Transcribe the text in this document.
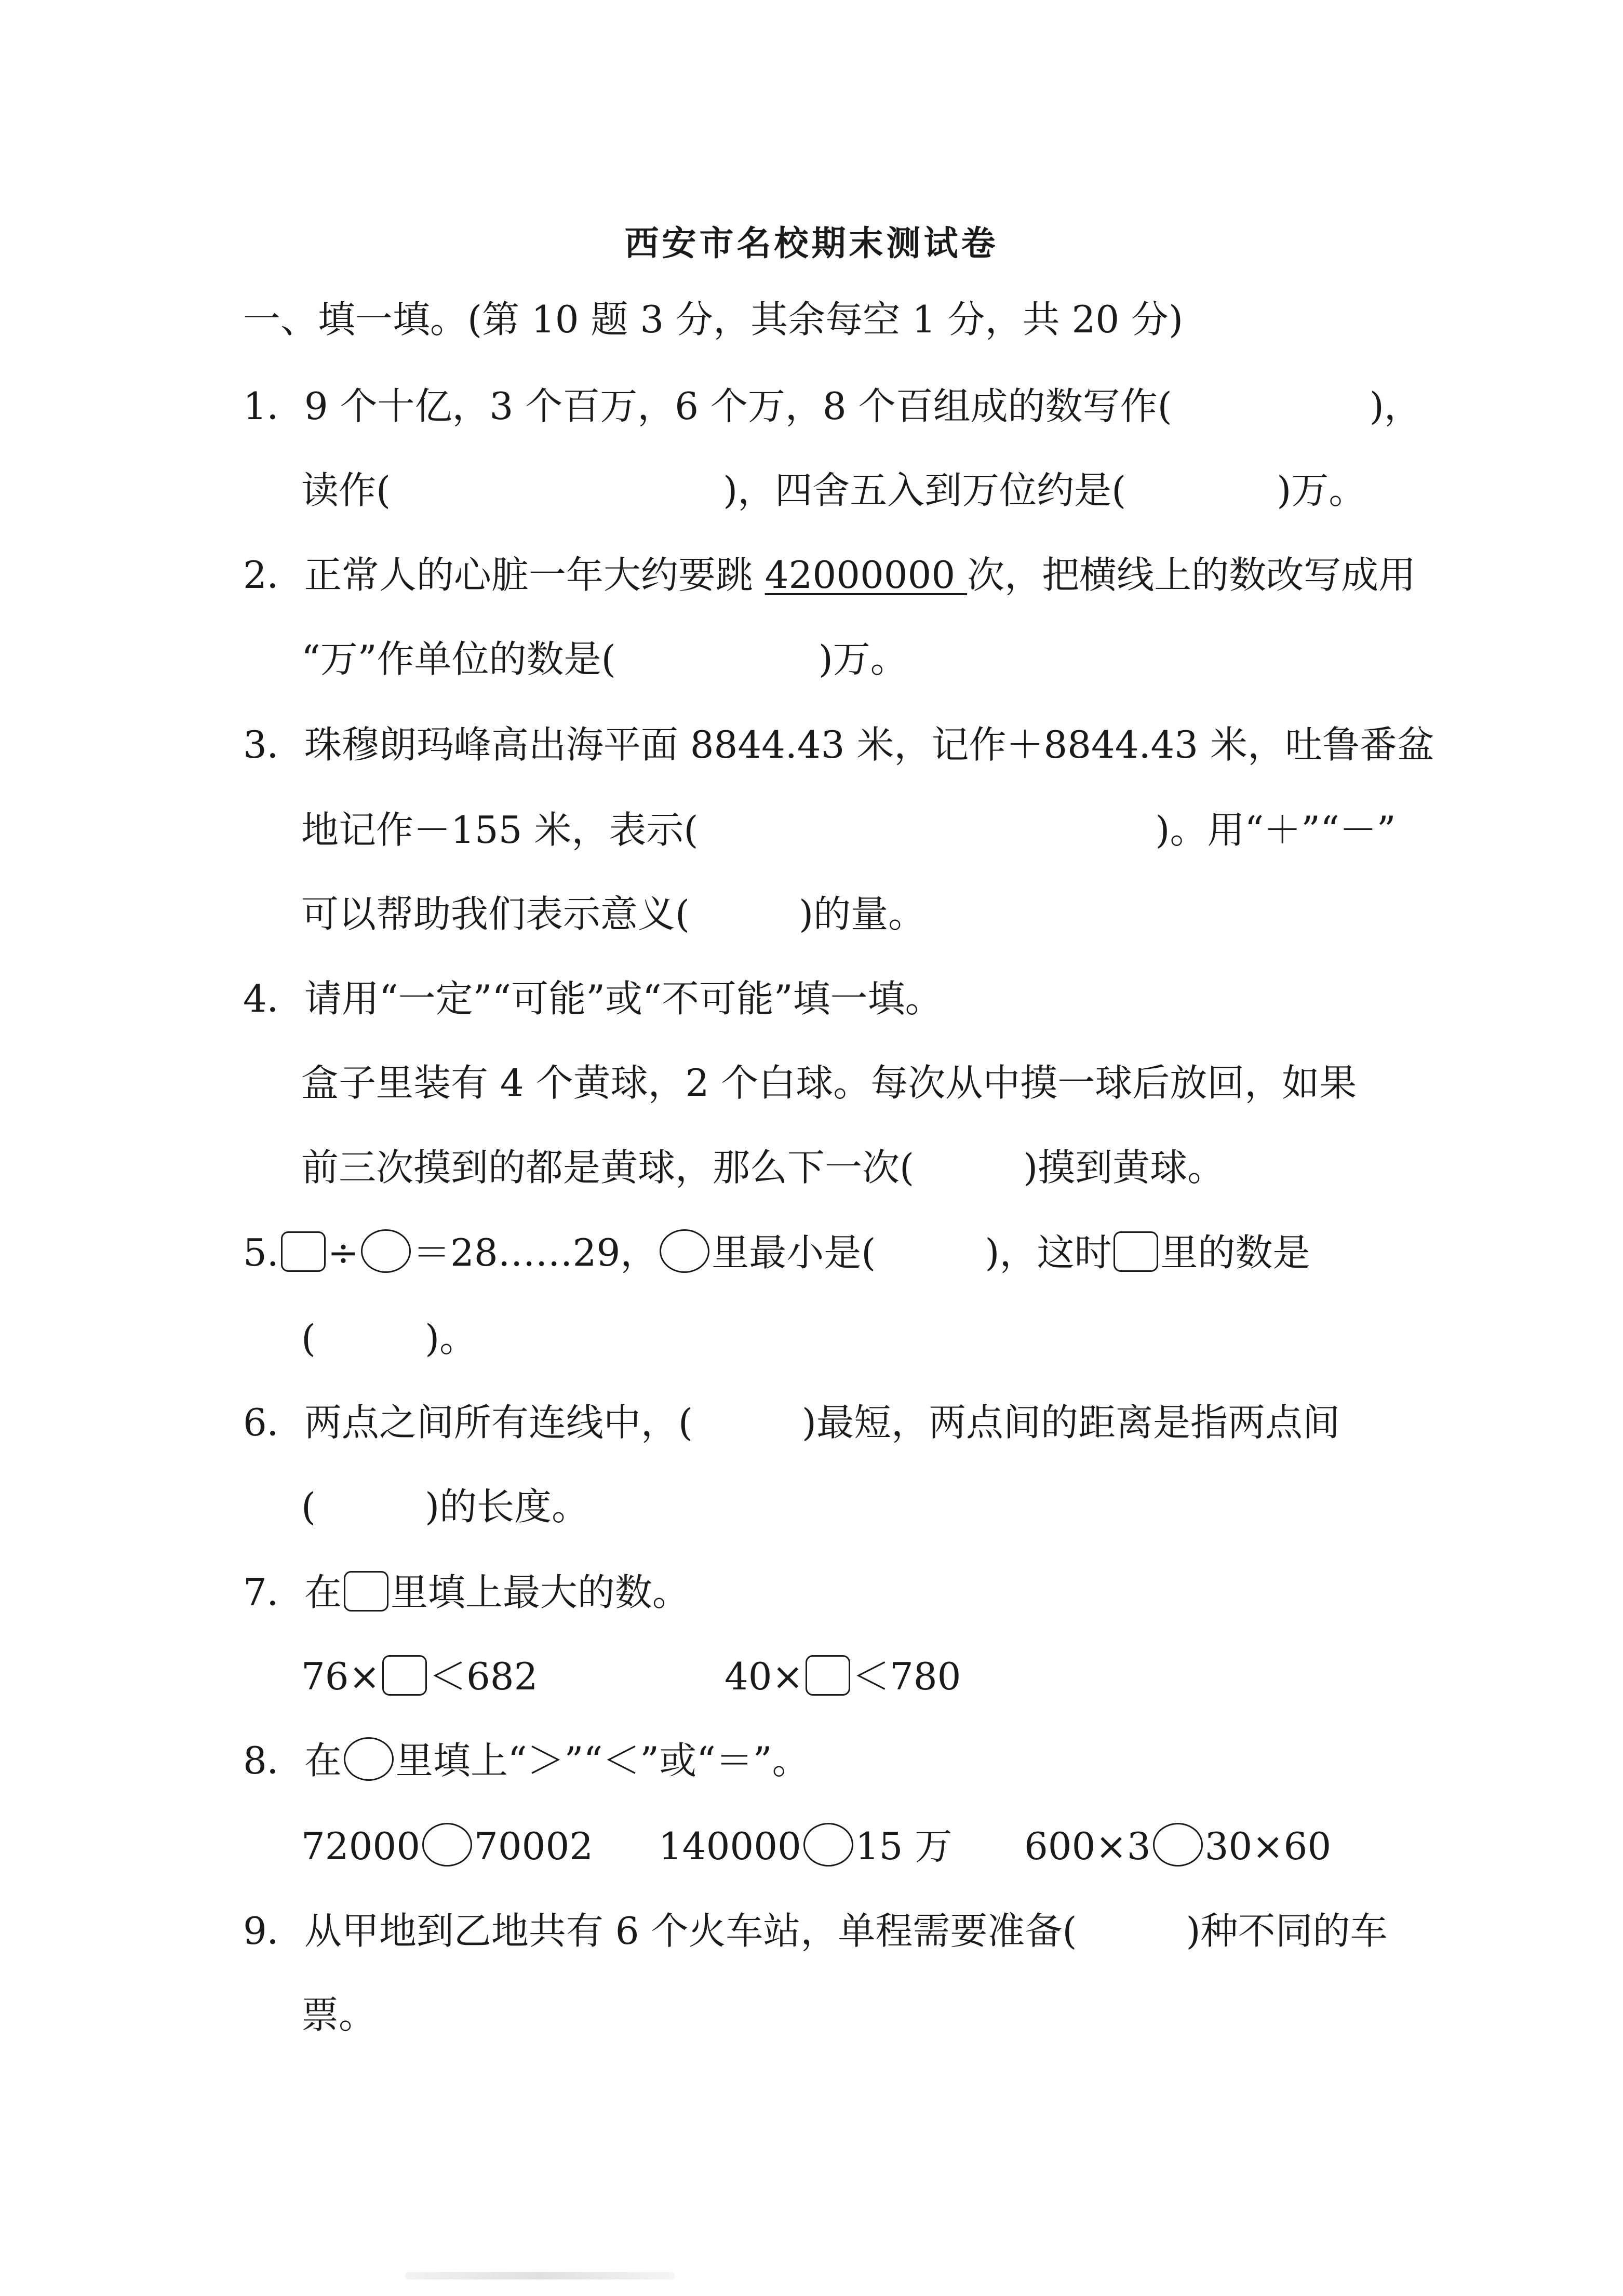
西安市名校期末测试卷
一、填一填。(第 10 题 3 分，其余每空 1 分，共 20 分)
1．9 个十亿，3 个百万，6 个万，8 个百组成的数写作(	)，
读作(	)，四舍五入到万位约是(	)万。
2．正常人的心脏一年大约要跳 42000000 次，把横线上的数改写成用
“万”作单位的数是(	)万。
3．珠穆朗玛峰高出海平面 8844.43 米，记作＋8844.43 米，吐鲁番盆
地记作－155 米，表示(	)。用“＋”“－”
可以帮助我们表示意义(	)的量。
4．请用“一定”“可能”或“不可能”填一填。
盒子里装有 4 个黄球，2 个白球。每次从中摸一球后放回，如果
前三次摸到的都是黄球，那么下一次(	)摸到黄球。
5. ÷ ＝28……29， 里最小是(	)，这时 里的数是
(	)。
6．两点之间所有连线中，(	)最短，两点间的距离是指两点间
(	)的长度。
7．在 里填上最大的数。
76× ＜682	40× ＜780
8．在 里填上“＞”“＜”或“＝”。
72000 70002 140000 15 万 600×3 30×60
9．从甲地到乙地共有 6 个火车站，单程需要准备(	)种不同的车
票。
